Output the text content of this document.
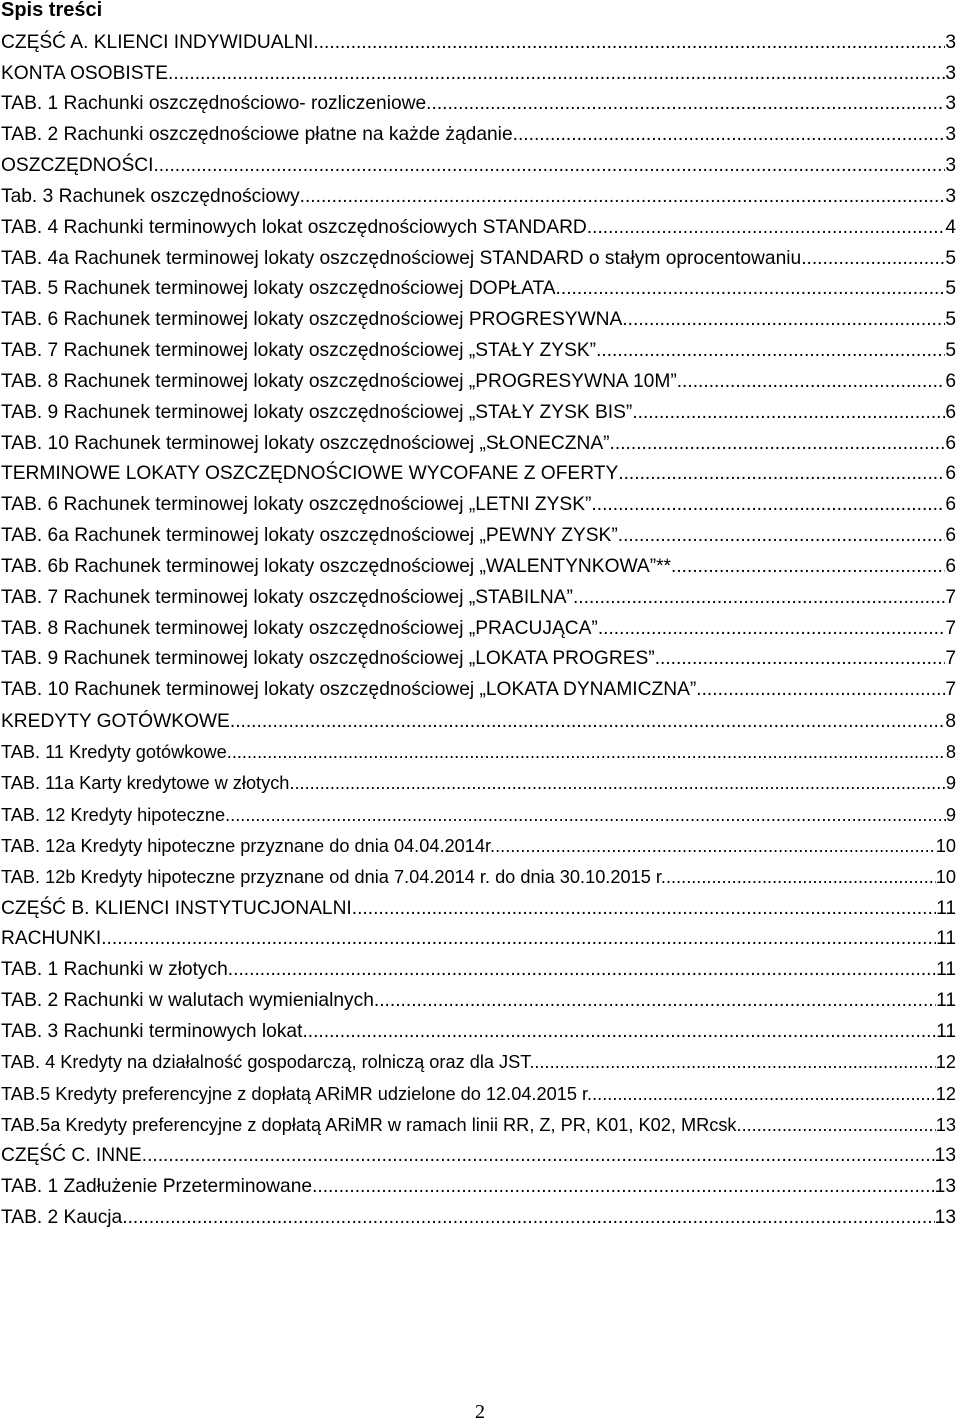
Spis treści
CZĘŚĆ A. KLIENCI INDYWIDUALNI .....	3
KONTA OSOBISTE .....	3
TAB. 1 Rachunki oszczędnościowo- rozliczeniowe .....	3
TAB. 2 Rachunki oszczędnościowe płatne na każde żądanie .....	3
OSZCZĘDNOŚCI .....	3
Tab. 3 Rachunek oszczędnościowy .....	3
TAB. 4 Rachunki terminowych lokat oszczędnościowych STANDARD .....	4
TAB. 4a Rachunek terminowej lokaty oszczędnościowej STANDARD o stałym oprocentowaniu .....	5
TAB. 5 Rachunek terminowej lokaty oszczędnościowej DOPŁATA .....	5
TAB. 6 Rachunek terminowej lokaty oszczędnościowej PROGRESYWNA .....	5
TAB. 7 Rachunek terminowej lokaty oszczędnościowej „STAŁY ZYSK” .....	5
TAB. 8 Rachunek terminowej lokaty oszczędnościowej „PROGRESYWNA 10M” .....	6
TAB. 9 Rachunek terminowej lokaty oszczędnościowej „STAŁY ZYSK BIS” .....	6
TAB. 10 Rachunek terminowej lokaty oszczędnościowej „SŁONECZNA” .....	6
TERMINOWE LOKATY OSZCZĘDNOŚCIOWE WYCOFANE Z OFERTY .....	6
TAB. 6 Rachunek terminowej lokaty oszczędnościowej „LETNI ZYSK” .....	6
TAB. 6a Rachunek terminowej lokaty oszczędnościowej „PEWNY ZYSK” .....	6
TAB. 6b Rachunek terminowej lokaty oszczędnościowej „WALENTYNKOWA”** .....	6
TAB. 7 Rachunek terminowej lokaty oszczędnościowej „STABILNA” .....	7
TAB. 8 Rachunek terminowej lokaty oszczędnościowej „PRACUJĄCA” .....	7
TAB. 9 Rachunek terminowej lokaty oszczędnościowej „LOKATA PROGRES” .....	7
TAB. 10 Rachunek terminowej lokaty oszczędnościowej „LOKATA DYNAMICZNA” .....	7
KREDYTY GOTÓWKOWE .....	8
TAB. 11 Kredyty gotówkowe. .....	8
TAB. 11a Karty kredytowe w złotych. .....	9
TAB. 12 Kredyty hipoteczne. .....	9
TAB. 12a Kredyty hipoteczne przyznane do dnia 04.04.2014r. .....	10
TAB. 12b Kredyty hipoteczne przyznane od dnia 7.04.2014 r. do dnia 30.10.2015 r. .....	10
CZĘŚĆ B. KLIENCI INSTYTUCJONALNI .....	11
RACHUNKI .....	11
TAB. 1 Rachunki w złotych .....	11
TAB. 2 Rachunki w walutach wymienialnych .....	11
TAB. 3 Rachunki terminowych lokat .....	11
TAB. 4 Kredyty na działalność gospodarczą, rolniczą oraz dla JST. .....	12
TAB.5 Kredyty preferencyjne z dopłatą ARiMR udzielone do 12.04.2015 r. .....	12
TAB.5a Kredyty preferencyjne z dopłatą ARiMR w ramach linii RR, Z, PR, K01, K02, MRcsk. .....	13
CZĘŚĆ C. INNE .....	13
TAB. 1 Zadłużenie Przeterminowane .....	13
TAB. 2 Kaucja .....	13
2
